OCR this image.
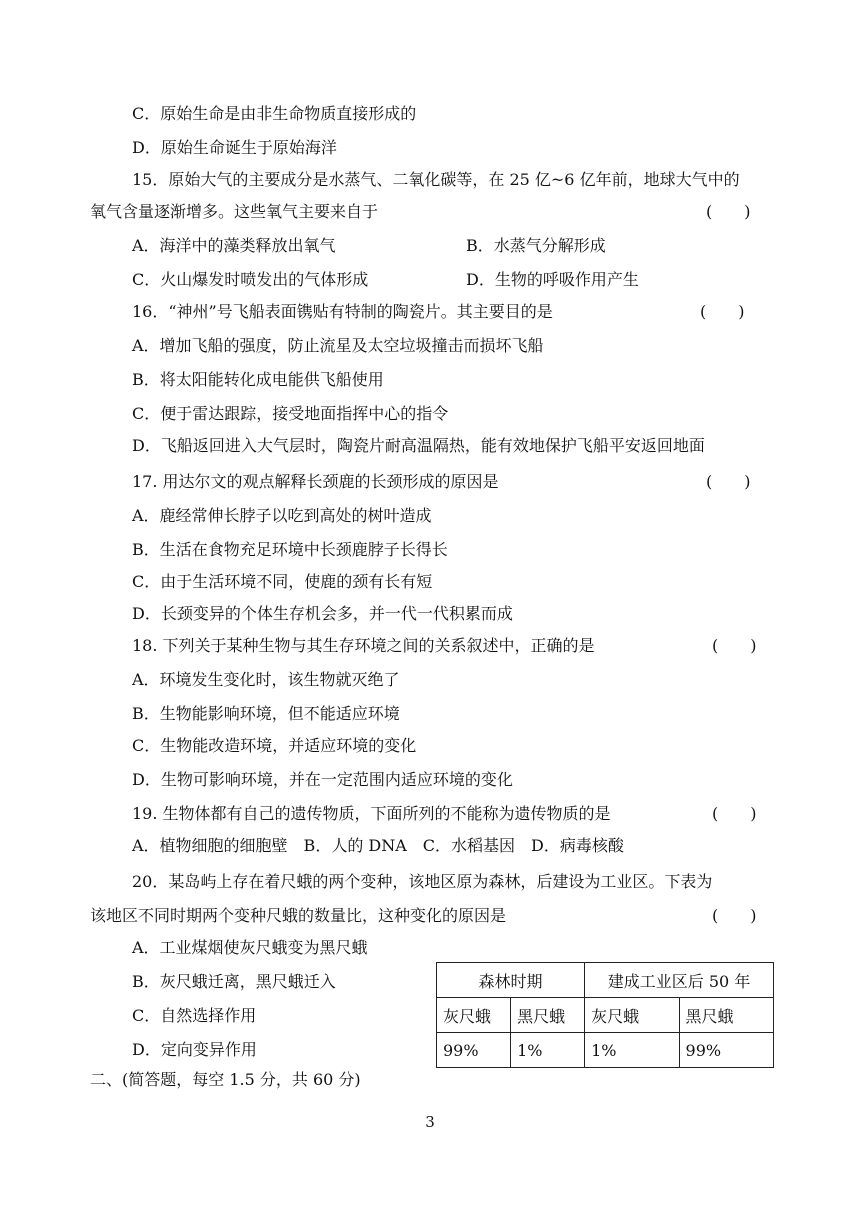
C．原始生命是由非生命物质直接形成的
D．原始生命诞生于原始海洋
15．原始大气的主要成分是水蒸气、二氧化碳等，在 25 亿~6 亿年前，地球大气中的
氧气含量逐渐增多。这些氧气主要来自于	(　　)
A．海洋中的藻类释放出氧气	B．水蒸气分解形成
C．火山爆发时喷发出的气体形成	D．生物的呼吸作用产生
16．“神州”号飞船表面镌贴有特制的陶瓷片。其主要目的是	(　　)
A．增加飞船的强度，防止流星及太空垃圾撞击而损坏飞船
B．将太阳能转化成电能供飞船使用
C．便于雷达跟踪，接受地面指挥中心的指令
D．飞船返回进入大气层时，陶瓷片耐高温隔热，能有效地保护飞船平安返回地面
17. 用达尔文的观点解释长颈鹿的长颈形成的原因是	(　　)
A．鹿经常伸长脖子以吃到高处的树叶造成
B．生活在食物充足环境中长颈鹿脖子长得长
C．由于生活环境不同，使鹿的颈有长有短
D．长颈变异的个体生存机会多，并一代一代积累而成
18. 下列关于某种生物与其生存环境之间的关系叙述中，正确的是	(　　)
A．环境发生变化时，该生物就灭绝了
B．生物能影响环境，但不能适应环境
C．生物能改造环境，并适应环境的变化
D．生物可影响环境，并在一定范围内适应环境的变化
19. 生物体都有自己的遗传物质，下面所列的不能称为遗传物质的是	(　　)
A．植物细胞的细胞壁　B．人的 DNA　C．水稻基因　D．病毒核酸
20．某岛屿上存在着尺蛾的两个变种，该地区原为森林，后建设为工业区。下表为
该地区不同时期两个变种尺蛾的数量比，这种变化的原因是	(　　)
A．工业煤烟使灰尺蛾变为黑尺蛾
B．灰尺蛾迁离，黑尺蛾迁入
C．自然选择作用
D．定向变异作用
森林时期		建成工业区后 50 年	
灰尺蛾	黑尺蛾	灰尺蛾	黑尺蛾
99%	1%	1%	99%
二、(简答题，每空 1.5 分，共 60 分)
3
